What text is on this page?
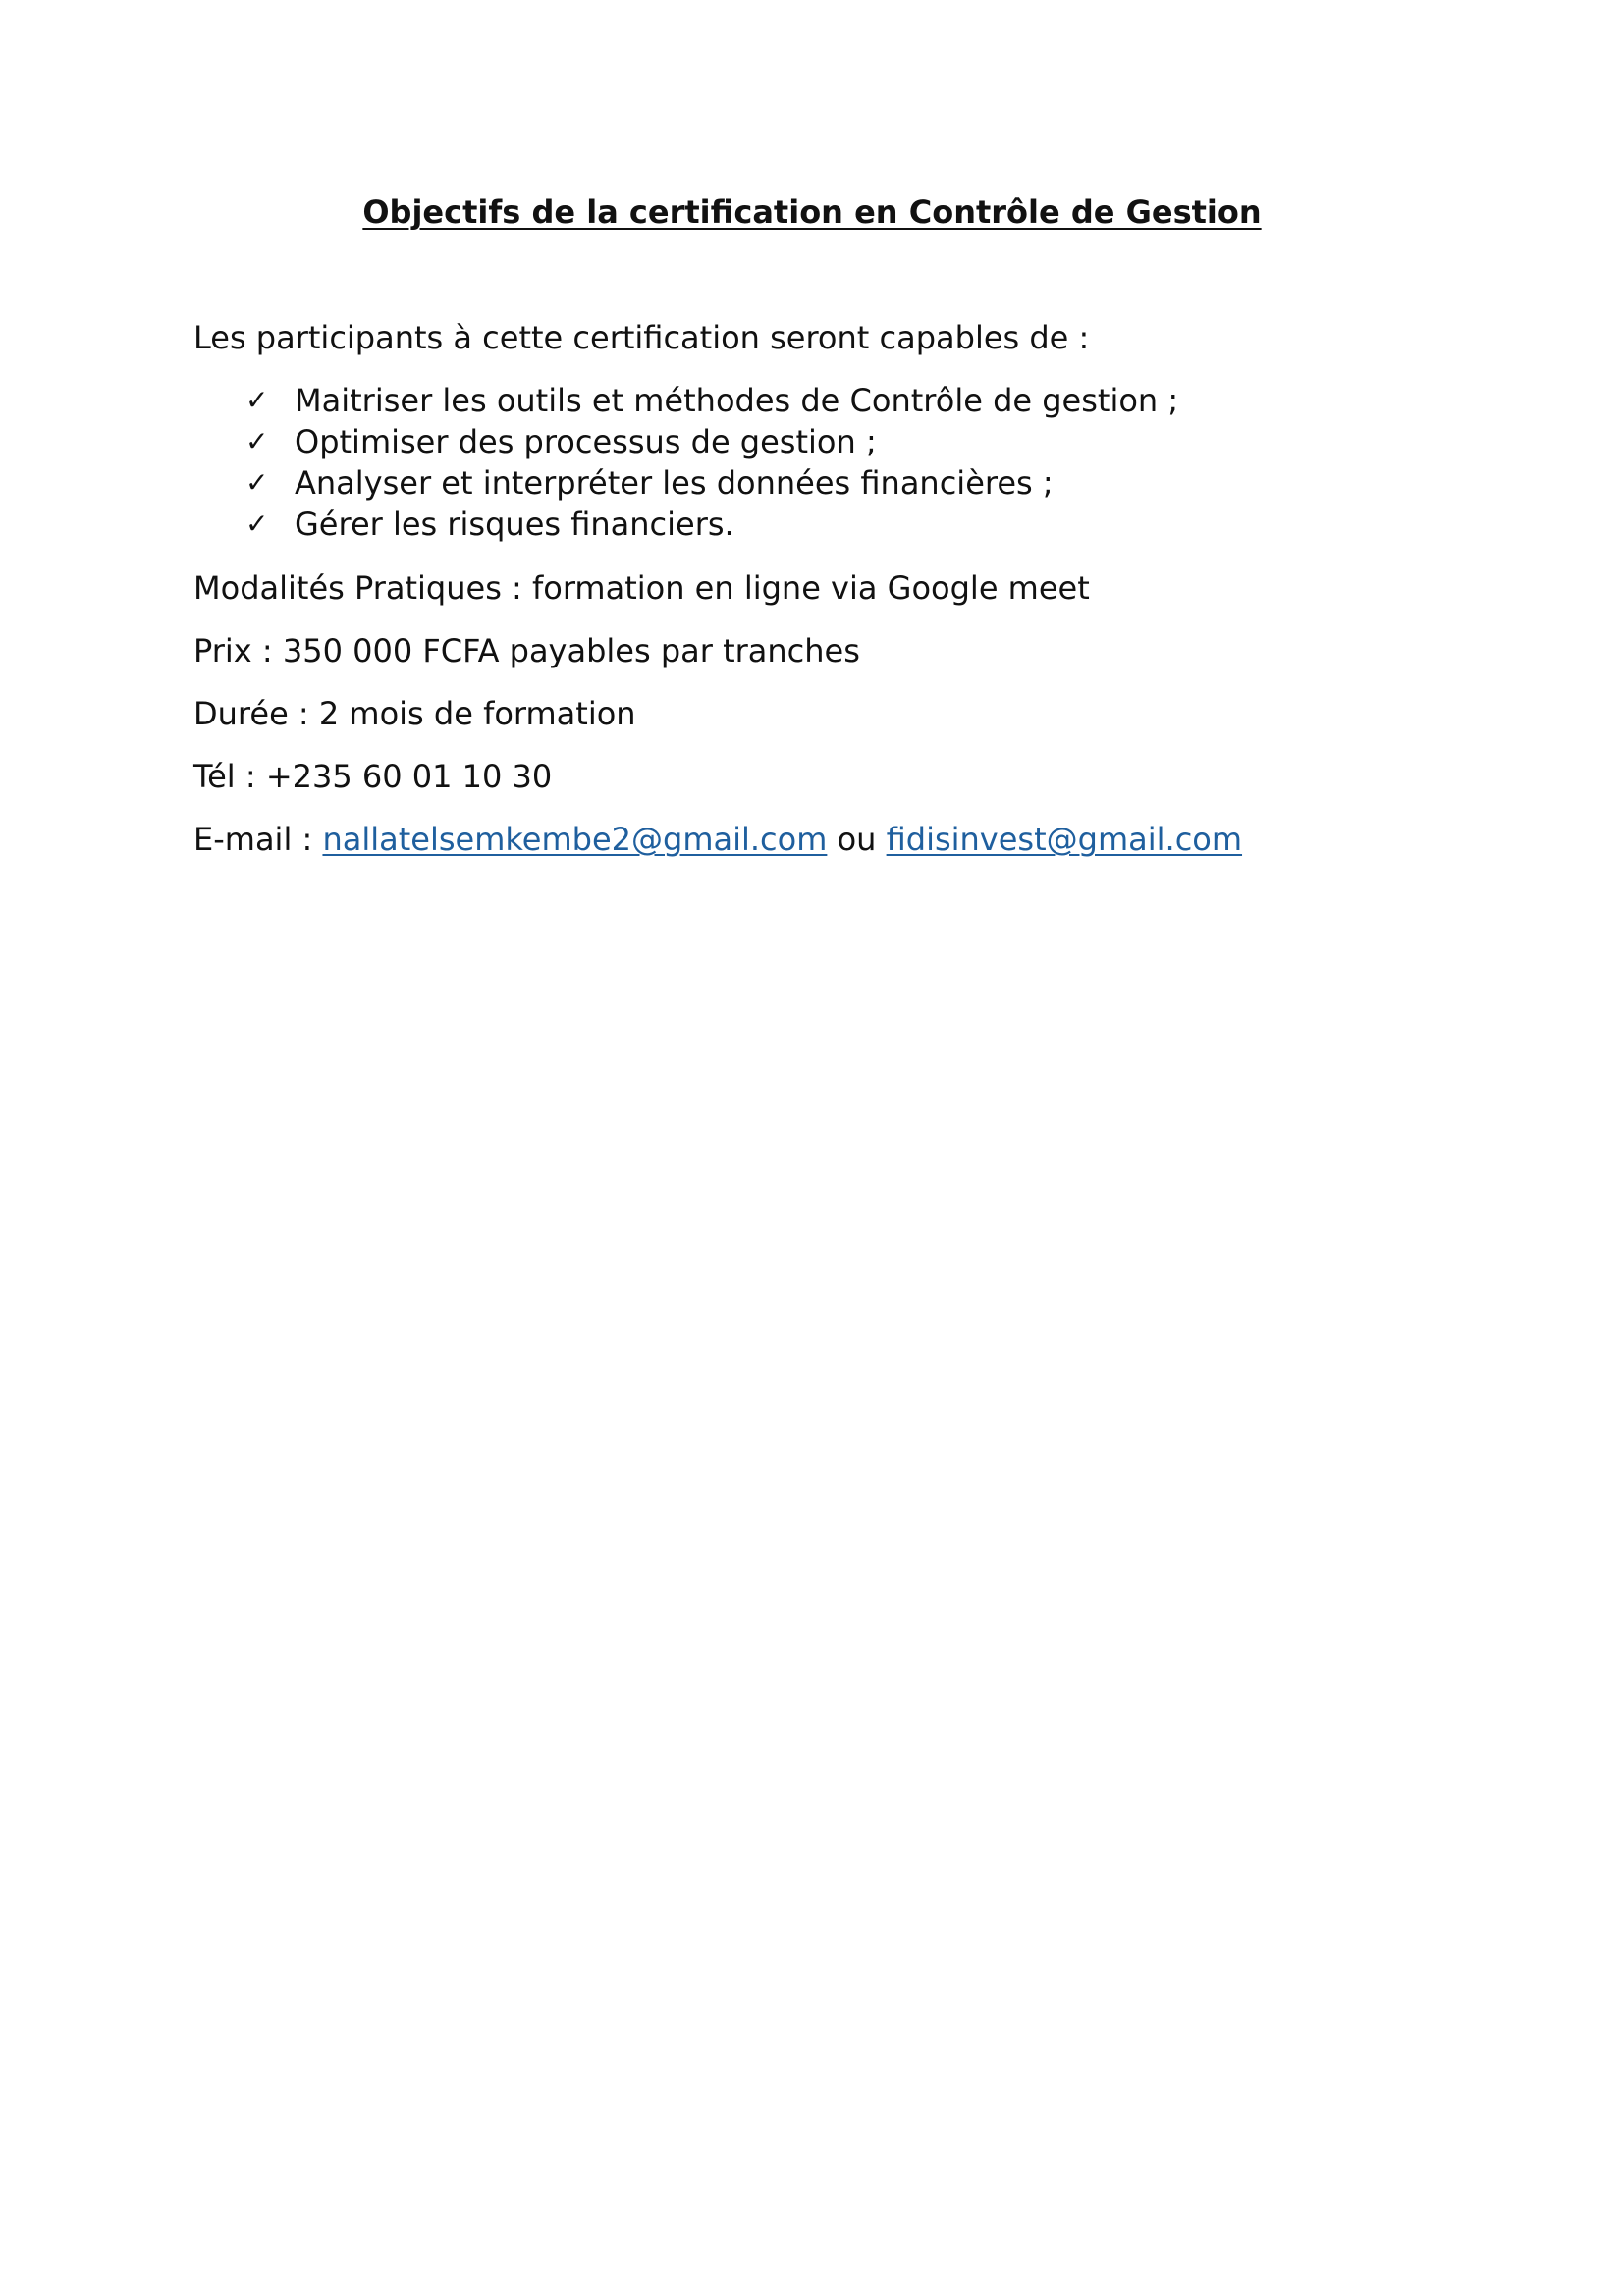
Objectifs de la certification en Contrôle de Gestion

Les participants à cette certification seront capables de :

✓ Maitriser les outils et méthodes de Contrôle de gestion ;
✓ Optimiser des processus de gestion ;
✓ Analyser et interpréter les données financières ;
✓ Gérer les risques financiers.

Modalités Pratiques : formation en ligne via Google meet

Prix : 350 000 FCFA payables par tranches

Durée : 2 mois de formation

Tél : +235 60 01 10 30

E-mail : nallatelsemkembe2@gmail.com ou fidisinvest@gmail.com
